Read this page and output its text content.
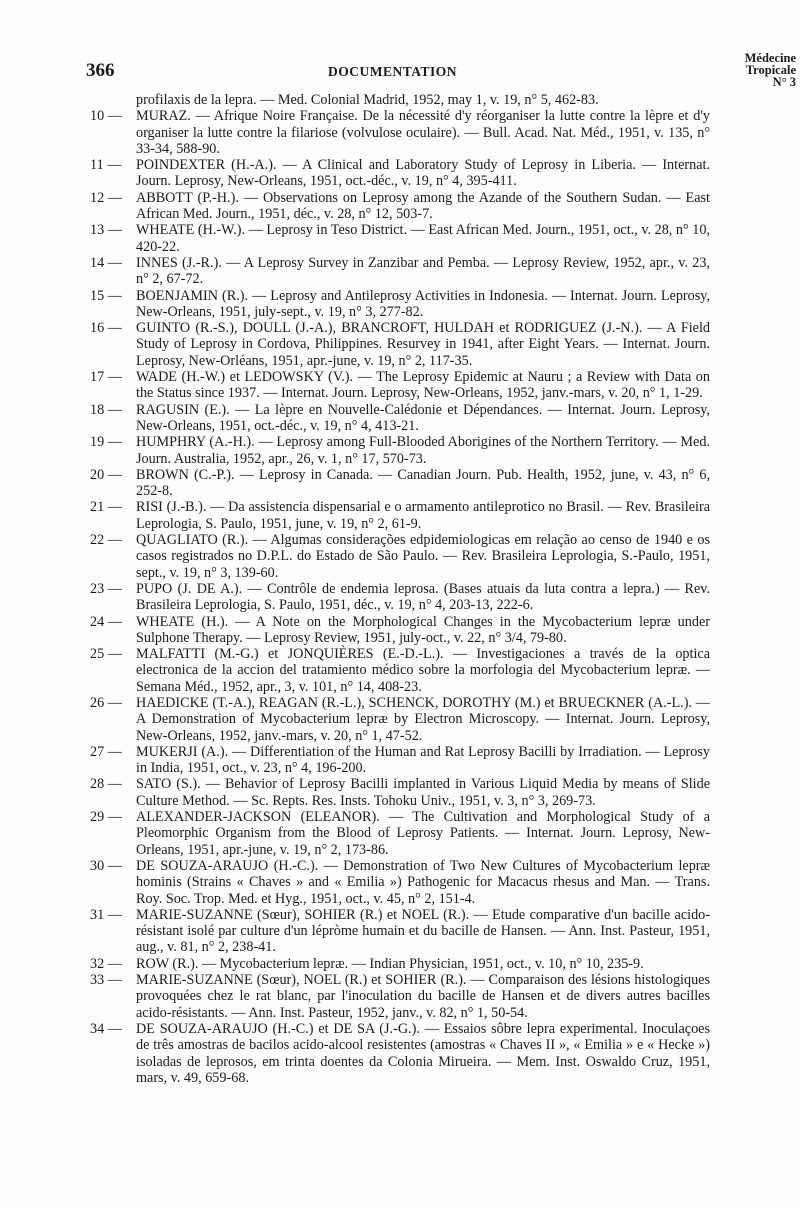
366	DOCUMENTATION
Médecine
Tropicale
N° 3
profilaxis de la lepra. — Med. Colonial Madrid, 1952, may 1, v. 19, n° 5, 462-83.
10 — MURAZ. — Afrique Noire Française. De la nécessité d'y réorganiser la lutte contre la lèpre et d'y organiser la lutte contre la filariose (volvulose oculaire). — Bull. Acad. Nat. Méd., 1951, v. 135, n° 33-34, 588-90.
11 —	POINDEXTER (H.-A.). — A Clinical and Laboratory Study of Leprosy in Liberia. — Internat. Journ. Leprosy, New-Orleans, 1951, oct.-déc., v. 19, n° 4, 395-411.
12 — ABBOTT (P.-H.). — Observations on Leprosy among the Azande of the Southern Sudan. — East African Med. Journ., 1951, déc., v. 28, n° 12, 503-7.
13 — WHEATE (H.-W.). — Leprosy in Teso District. — East African Med. Journ., 1951, oct., v. 28, n° 10, 420-22.
14 — INNES (J.-R.). — A Leprosy Survey in Zanzibar and Pemba. — Leprosy Review, 1952, apr., v. 23, n° 2, 67-72.
15 — BOENJAMIN (R.). — Leprosy and Antileprosy Activities in Indonesia. — Internat. Journ. Leprosy, New-Orleans, 1951, july-sept., v. 19, n° 3, 277-82.
16 — GUINTO (R.-S.), DOULL (J.-A.), BRANCROFT, HULDAH et RODRIGUEZ (J.-N.). — A Field Study of Leprosy in Cordova, Philippines. Resurvey in 1941, after Eight Years. — Internat. Journ. Leprosy, New-Orléans, 1951, apr.-june, v. 19, n° 2, 117-35.
17 — WADE (H.-W.) et LEDOWSKY (V.). — The Leprosy Epidemic at Nauru ; a Review with Data on the Status since 1937. — Internat. Journ. Leprosy, New-Orleans, 1952, janv.-mars, v. 20, n° 1, 1-29.
18 — RAGUSIN (E.). — La lèpre en Nouvelle-Calédonie et Dépendances. — Internat. Journ. Leprosy, New-Orleans, 1951, oct.-déc., v. 19, n° 4, 413-21.
19 — HUMPHRY (A.-H.). — Leprosy among Full-Blooded Aborigines of the Northern Territory. — Med. Journ. Australia, 1952, apr., 26, v. 1, n° 17, 570-73.
20 — BROWN (C.-P.). — Leprosy in Canada. — Canadian Journ. Pub. Health, 1952, june, v. 43, n° 6, 252-8.
21 — RISI (J.-B.). — Da assistencia dispensarial e o armamento antileprotico no Brasil. — Rev. Brasileira Leprologia, S. Paulo, 1951, june, v. 19, n° 2, 61-9.
22 — QUAGLIATO (R.). — Algumas considerações edpidemiologicas em relação ao censo de 1940 e os casos registrados no D.P.L. do Estado de São Paulo. — Rev. Brasileira Leprologia, S.-Paulo, 1951, sept., v. 19, n° 3, 139-60.
23 — PUPO (J. DE A.). — Contrôle de endemia leprosa. (Bases atuais da luta contra a lepra.) — Rev. Brasileira Leprologia, S. Paulo, 1951, déc., v. 19, n° 4, 203-13, 222-6.
24 — WHEATE (H.). — A Note on the Morphological Changes in the Mycobacterium lepræ under Sulphone Therapy. — Leprosy Review, 1951, july-oct., v. 22, n° 3/4, 79-80.
25 — MALFATTI (M.-G.) et JONQUIÈRES (E.-D.-L.). — Investigaciones a través de la optica electronica de la accion del tratamiento médico sobre la morfologia del Mycobacterium lepræ. — Semana Méd., 1952, apr., 3, v. 101, n° 14, 408-23.
26 — HAEDICKE (T.-A.), REAGAN (R.-L.), SCHENCK, DOROTHY (M.) et BRUECKNER (A.-L.). — A Demonstration of Mycobacterium lepræ by Electron Microscopy. — Internat. Journ. Leprosy, New-Orleans, 1952, janv.-mars, v. 20, n° 1, 47-52.
27 — MUKERJI (A.). — Differentiation of the Human and Rat Leprosy Bacilli by Irradiation. — Leprosy in India, 1951, oct., v. 23, n° 4, 196-200.
28 — SATO (S.). — Behavior of Leprosy Bacilli implanted in Various Liquid Media by means of Slide Culture Method. — Sc. Repts. Res. Insts. Tohoku Univ., 1951, v. 3, n° 3, 269-73.
29 — ALEXANDER-JACKSON (ELEANOR). — The Cultivation and Morphological Study of a Pleomorphic Organism from the Blood of Leprosy Patients. — Internat. Journ. Leprosy, New-Orleans, 1951, apr.-june, v. 19, n° 2, 173-86.
30 — DE SOUZA-ARAUJO (H.-C.). — Demonstration of Two New Cultures of Mycobacterium lepræ hominis (Strains « Chaves » and « Emilia ») Pathogenic for Macacus rhesus and Man. — Trans. Roy. Soc. Trop. Med. et Hyg., 1951, oct., v. 45, n° 2, 151-4.
31 — MARIE-SUZANNE (Sœur), SOHIER (R.) et NOEL (R.). — Etude comparative d'un bacille acido-résistant isolé par culture d'un lépròme humain et du bacille de Hansen. — Ann. Inst. Pasteur, 1951, aug., v. 81, n° 2, 238-41.
32 — ROW (R.). — Mycobacterium lepræ. — Indian Physician, 1951, oct., v. 10, n° 10, 235-9.
33 — MARIE-SUZANNE (Sœur), NOEL (R.) et SOHIER (R.). — Comparaison des lésions histologiques provoquées chez le rat blanc, par l'inoculation du bacille de Hansen et de divers autres bacilles acido-résistants. — Ann. Inst. Pasteur, 1952, janv., v. 82, n° 1, 50-54.
34 — DE SOUZA-ARAUJO (H.-C.) et DE SA (J.-G.). — Essaios sôbre lepra experimental. Inoculaçoes de três amostras de bacilos acido-alcool resistentes (amostras « Chaves II », « Emilia » e « Hecke ») isoladas de leprosos, em trinta doentes da Colonia Mirueira. — Mem. Inst. Oswaldo Cruz, 1951, mars, v. 49, 659-68.
